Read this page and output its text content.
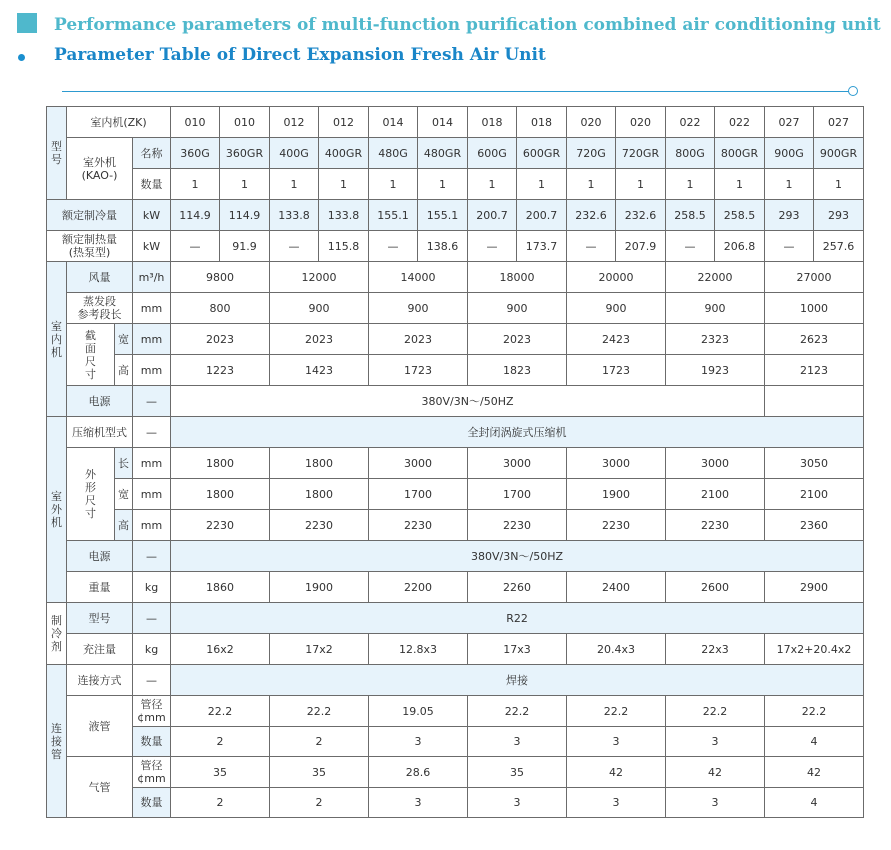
Performance parameters of multi-function purification combined air conditioning unit
Parameter Table of Direct Expansion Fresh Air Unit
型号	室内机(ZK)			010	010	012	012	014	014	018	018	020	020	022	022	027	027
	室外机
(KAO-)		名称	360G	360GR	400G	400GR	480G	480GR	600G	600GR	720G	720GR	800G	800GR	900G	900GR
			数量	1	1	1	1	1	1	1	1	1	1	1	1	1	1
额定制冷量			kW	114.9	114.9	133.8	133.8	155.1	155.1	200.7	200.7	232.6	232.6	258.5	258.5	293	293
额定制热量
(热泵型)			kW	—	91.9	—	115.8	—	138.6	—	173.7	—	207.9	—	206.8	—	257.6
室
内
机	风量		m³/h	9800		12000		14000		18000		20000		22000		27000	
	蒸发段
参考段长		mm	800		900		900		900		900		900		1000	
	截
面
尺
寸	宽	mm	2023		2023		2023		2023		2423		2323		2623	
		高	mm	1223		1423		1723		1823		1723		1923		2123	
	电源		—	380V/3N～/50HZ													
室
外
机	压缩机型式		—	全封闭涡旋式压缩机													
	外
形
尺
寸	长	mm	1800		1800		3000		3000		3000		3000		3050	
		宽	mm	1800		1800		1700		1700		1900		2100		2100	
		高	mm	2230		2230		2230		2230		2230		2230		2360	
	电源		—	380V/3N～/50HZ													
	重量		kg	1860		1900		2200		2260		2400		2600		2900	
制
冷
剂	型号		—	R22													
	充注量		kg	16x2		17x2		12.8x3		17x3		20.4x3		22x3		17x2+20.4x2	
连
接
管	连接方式		—	焊接													
	液管		管径
¢mm	22.2		22.2		19.05		22.2		22.2		22.2		22.2	
			数量	2		2		3		3		3		3		4	
	气管		管径
¢mm	35		35		28.6		35		42		42		42	
			数量	2		2		3		3		3		3		4	
